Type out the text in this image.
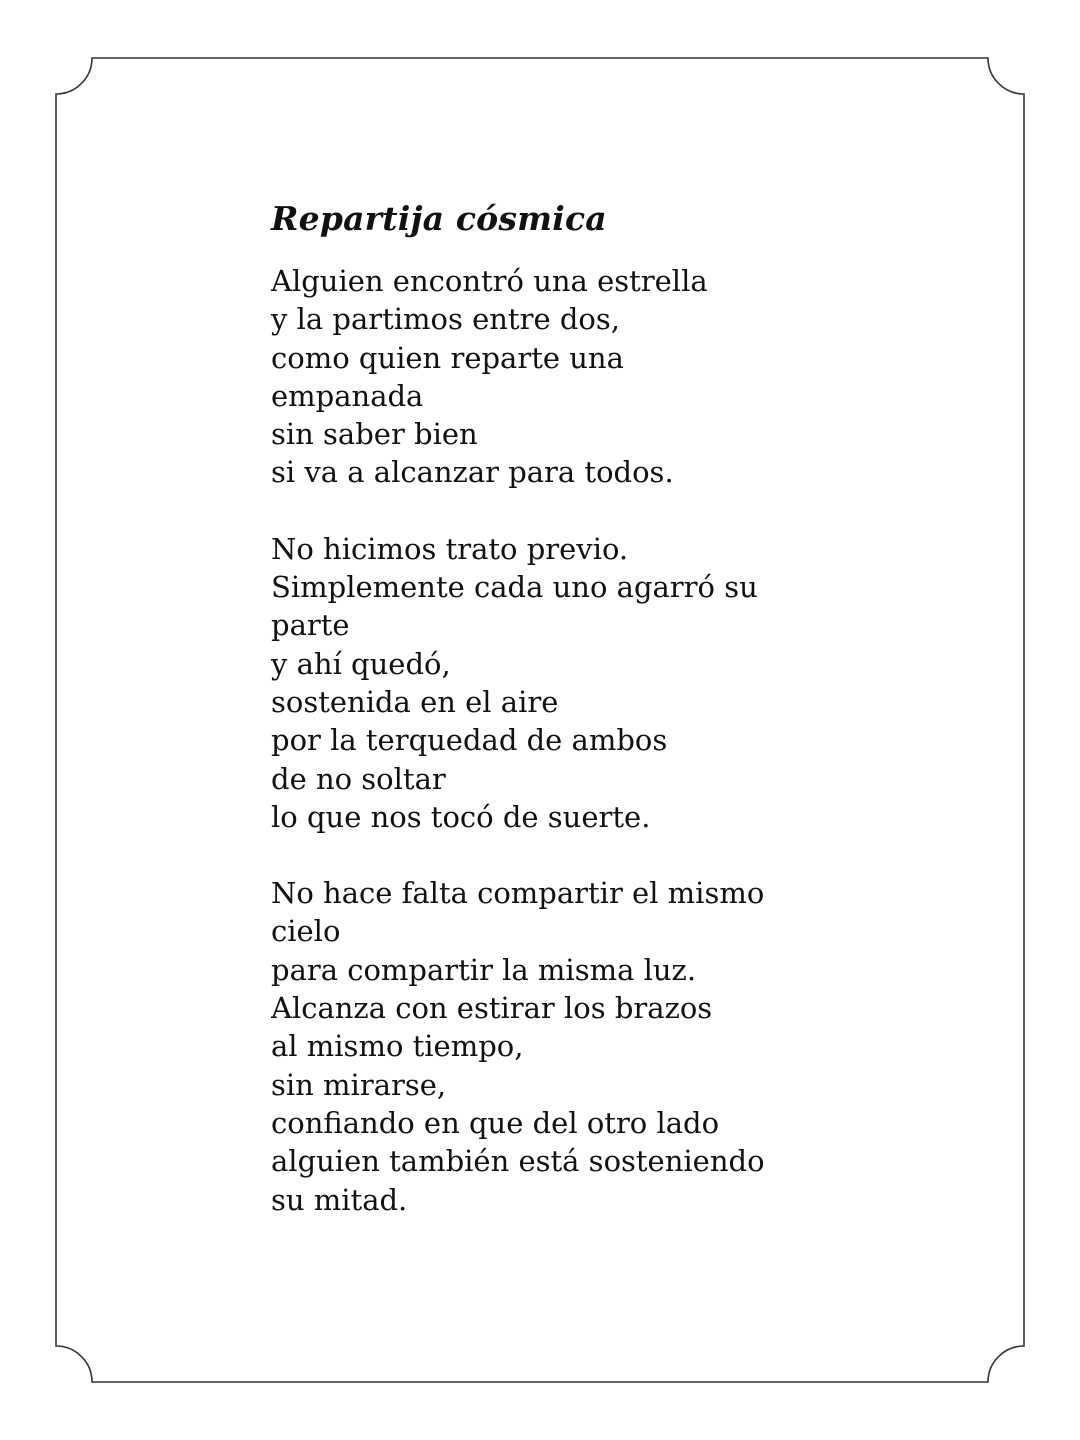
Repartija cósmica
Alguien encontró una estrella
y la partimos entre dos,
como quien reparte una
empanada
sin saber bien
si va a alcanzar para todos.
No hicimos trato previo.
Simplemente cada uno agarró su
parte
y ahí quedó,
sostenida en el aire
por la terquedad de ambos
de no soltar
lo que nos tocó de suerte.
No hace falta compartir el mismo
cielo
para compartir la misma luz.
Alcanza con estirar los brazos
al mismo tiempo,
sin mirarse,
confiando en que del otro lado
alguien también está sosteniendo
su mitad.
